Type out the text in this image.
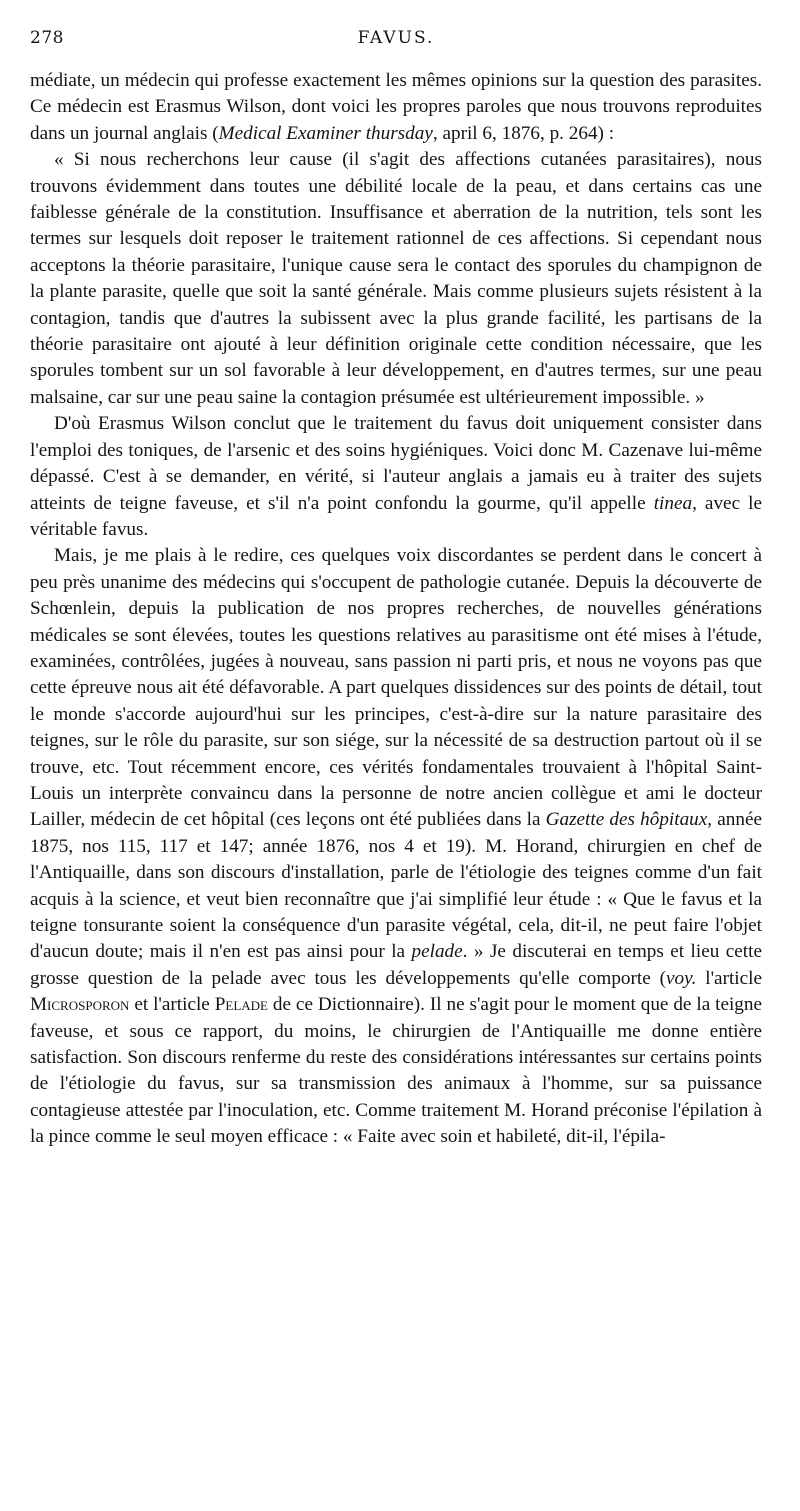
278	FAVUS.

médiate, un médecin qui professe exactement les mêmes opinions sur la question des parasites. Ce médecin est Erasmus Wilson, dont voici les propres paroles que nous trouvons reproduites dans un journal anglais (Medical Examiner thursday, april 6, 1876, p. 264) :

« Si nous recherchons leur cause (il s'agit des affections cutanées parasitaires), nous trouvons évidemment dans toutes une débilité locale de la peau, et dans certains cas une faiblesse générale de la constitution. Insuffisance et aberration de la nutrition, tels sont les termes sur lesquels doit reposer le traitement rationnel de ces affections. Si cependant nous acceptons la théorie parasitaire, l'unique cause sera le contact des sporules du champignon de la plante parasite, quelle que soit la santé générale. Mais comme plusieurs sujets résistent à la contagion, tandis que d'autres la subissent avec la plus grande facilité, les partisans de la théorie parasitaire ont ajouté à leur définition originale cette condition nécessaire, que les sporules tombent sur un sol favorable à leur développement, en d'autres termes, sur une peau malsaine, car sur une peau saine la contagion présumée est ultérieurement impossible. »

D'où Erasmus Wilson conclut que le traitement du favus doit uniquement consister dans l'emploi des toniques, de l'arsenic et des soins hygiéniques. Voici donc M. Cazenave lui-même dépassé. C'est à se demander, en vérité, si l'auteur anglais a jamais eu à traiter des sujets atteints de teigne faveuse, et s'il n'a point confondu la gourme, qu'il appelle tinea, avec le véritable favus.

Mais, je me plais à le redire, ces quelques voix discordantes se perdent dans le concert à peu près unanime des médecins qui s'occupent de pathologie cutanée. Depuis la découverte de Schœnlein, depuis la publication de nos propres recherches, de nouvelles générations médicales se sont élevées, toutes les questions relatives au parasitisme ont été mises à l'étude, examinées, contrôlées, jugées à nouveau, sans passion ni parti pris, et nous ne voyons pas que cette épreuve nous ait été défavorable. A part quelques dissidences sur des points de détail, tout le monde s'accorde aujourd'hui sur les principes, c'est-à-dire sur la nature parasitaire des teignes, sur le rôle du parasite, sur son siége, sur la nécessité de sa destruction partout où il se trouve, etc. Tout récemment encore, ces vérités fondamentales trouvaient à l'hôpital Saint-Louis un interprète convaincu dans la personne de notre ancien collègue et ami le docteur Lailler, médecin de cet hôpital (ces leçons ont été publiées dans la Gazette des hôpitaux, année 1875, nos 115, 117 et 147; année 1876, nos 4 et 19). M. Horand, chirurgien en chef de l'Antiquaille, dans son discours d'installation, parle de l'étiologie des teignes comme d'un fait acquis à la science, et veut bien reconnaître que j'ai simplifié leur étude : « Que le favus et la teigne tonsurante soient la conséquence d'un parasite végétal, cela, dit-il, ne peut faire l'objet d'aucun doute; mais il n'en est pas ainsi pour la pelade. » Je discuterai en temps et lieu cette grosse question de la pelade avec tous les développements qu'elle comporte (voy. l'article Microsporon et l'article Pelade de ce Dictionnaire). Il ne s'agit pour le moment que de la teigne faveuse, et sous ce rapport, du moins, le chirurgien de l'Antiquaille me donne entière satisfaction. Son discours renferme du reste des considérations intéressantes sur certains points de l'étiologie du favus, sur sa transmission des animaux à l'homme, sur sa puissance contagieuse attestée par l'inoculation, etc. Comme traitement M. Horand préconise l'épilation à la pince comme le seul moyen efficace : « Faite avec soin et habileté, dit-il, l'épila-
